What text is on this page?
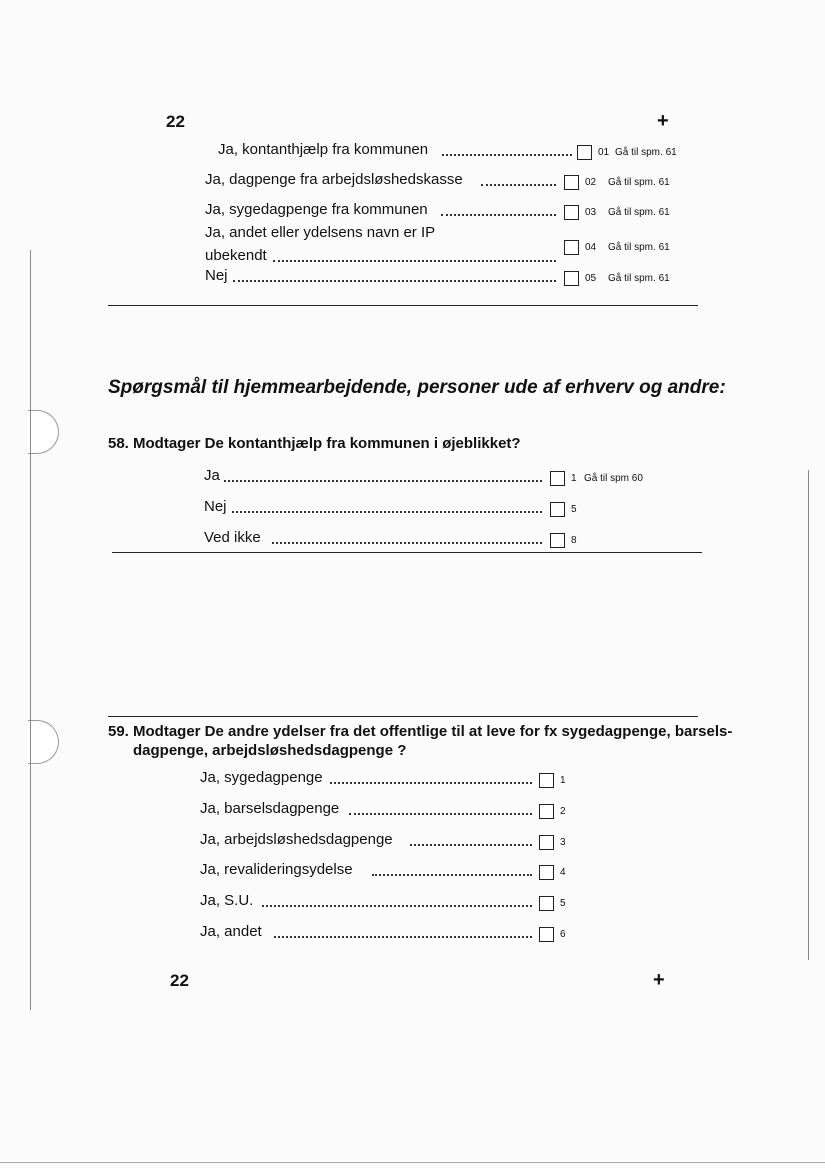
22	+
Ja, kontanthjælp fra kommunen	01 Gå til spm. 61
Ja, dagpenge fra arbejdsløshedskasse	02 Gå til spm. 61
Ja, sygedagpenge fra kommunen	03 Gå til spm. 61
Ja, andet eller ydelsens navn er IP
ubekendt	04 Gå til spm. 61
Nej	05 Gå til spm. 61
Spørgsmål til hjemmearbejdende, personer ude af erhverv og andre:
58. Modtager De kontanthjælp fra kommunen i øjeblikket?
Ja	1 Gå til spm 60
Nej	5
Ved ikke	8
59. Modtager De andre ydelser fra det offentlige til at leve for fx sygedagpenge, barsels-
dagpenge, arbejdsløshedsdagpenge ?
Ja, sygedagpenge	1
Ja, barselsdagpenge	2
Ja, arbejdsløshedsdagpenge	3
Ja, revalideringsydelse	4
Ja, S.U.	5
Ja, andet	6
22	+
